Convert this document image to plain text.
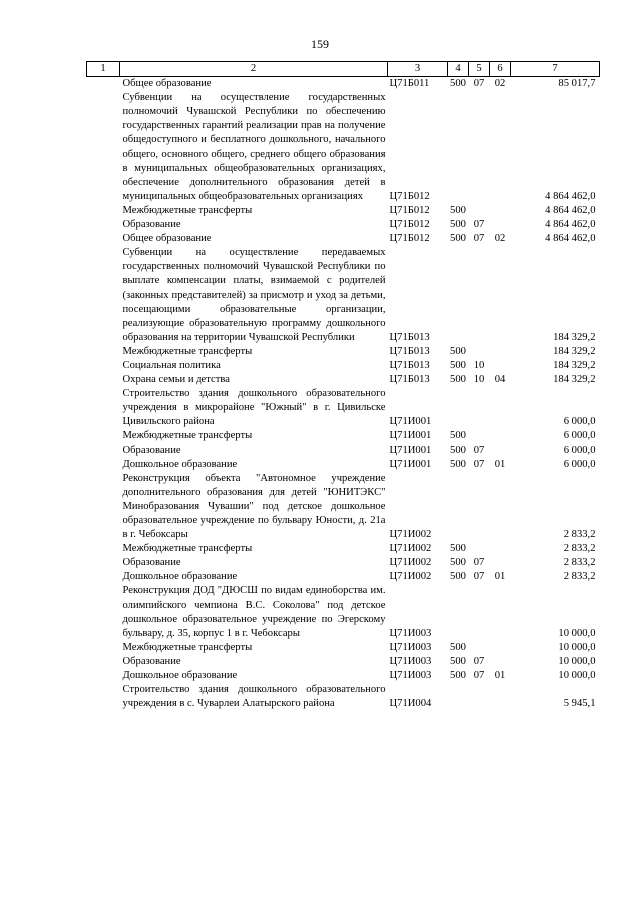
159
1	2	3	4	5	6	7
	Общее образование	Ц71Б011	500	07	02	85 017,7
	Субвенции на осуществление государственных полномочий Чувашской Республики по обеспечению государственных гарантий реализации прав на получение общедоступного и бесплатного дошкольного, начального общего, основного общего, среднего общего образования в муниципальных общеобразовательных организациях, обеспечение дополнительного образования детей в муниципальных общеобразовательных организациях	Ц71Б012				4 864 462,0
	Межбюджетные трансферты	Ц71Б012	500			4 864 462,0
	Образование	Ц71Б012	500	07		4 864 462,0
	Общее образование	Ц71Б012	500	07	02	4 864 462,0
	Субвенции на осуществление передаваемых государственных полномочий Чувашской Республики по выплате компенсации платы, взимаемой с родителей (законных представителей) за присмотр и уход за детьми, посещающими образовательные организации, реализующие образовательную программу дошкольного образования на территории Чувашской Республики	Ц71Б013				184 329,2
	Межбюджетные трансферты	Ц71Б013	500			184 329,2
	Социальная политика	Ц71Б013	500	10		184 329,2
	Охрана семьи и детства	Ц71Б013	500	10	04	184 329,2
	Строительство здания дошкольного образовательного учреждения в микрорайоне "Южный" в г. Цивильске Цивильского района	Ц71И001				6 000,0
	Межбюджетные трансферты	Ц71И001	500			6 000,0
	Образование	Ц71И001	500	07		6 000,0
	Дошкольное образование	Ц71И001	500	07	01	6 000,0
	Реконструкция объекта "Автономное учреждение дополнительного образования для детей "ЮНИТЭКС" Минобразования Чувашии" под детское дошкольное образовательное учреждение по бульвару Юности, д. 21а в г. Чебоксары	Ц71И002				2 833,2
	Межбюджетные трансферты	Ц71И002	500			2 833,2
	Образование	Ц71И002	500	07		2 833,2
	Дошкольное образование	Ц71И002	500	07	01	2 833,2
	Реконструкция ДОД "ДЮСШ по видам единоборства им. олимпийского чемпиона В.С. Соколова" под детское дошкольное образовательное учреждение по Эгерскому бульвару, д. 35, корпус 1 в г. Чебоксары	Ц71И003				10 000,0
	Межбюджетные трансферты	Ц71И003	500			10 000,0
	Образование	Ц71И003	500	07		10 000,0
	Дошкольное образование	Ц71И003	500	07	01	10 000,0
	Строительство здания дошкольного образовательного учреждения в с. Чуварлеи Алатырского района	Ц71И004				5 945,1
